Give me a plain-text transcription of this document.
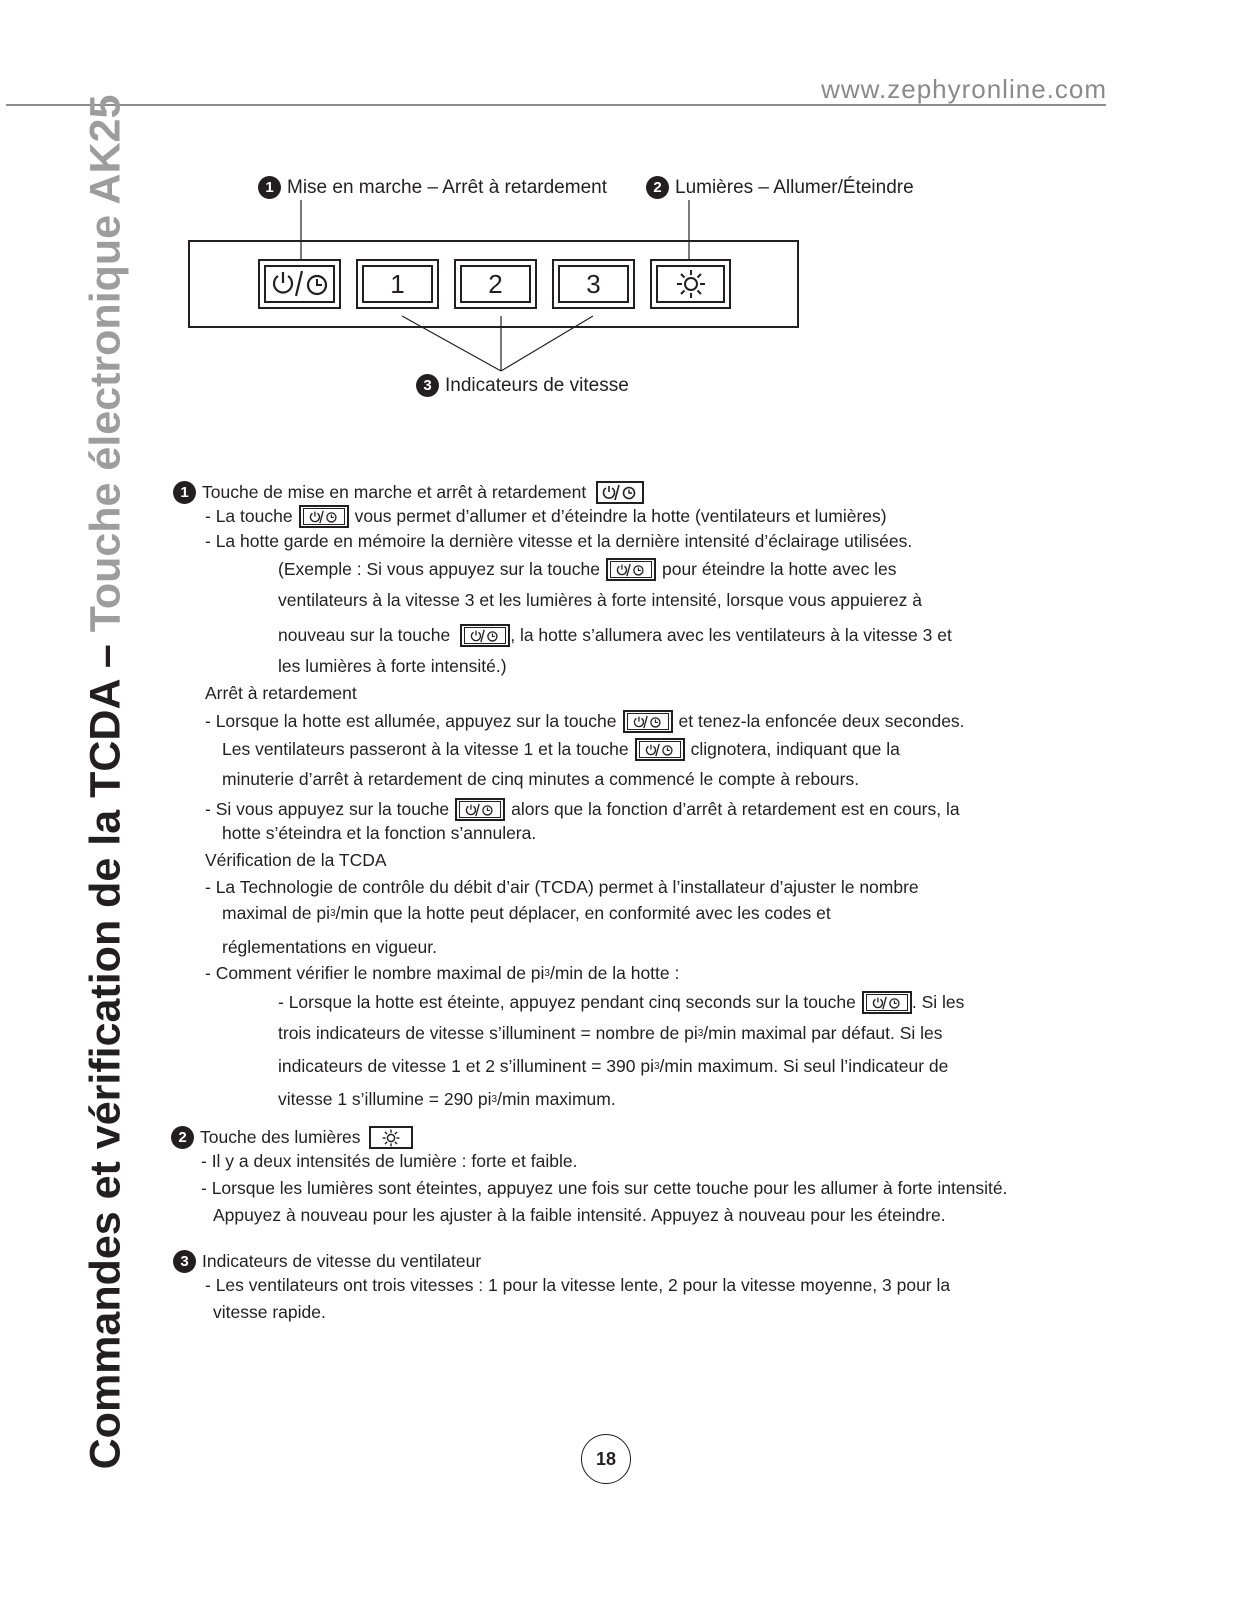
www.zephyronline.com
Commandes et vérification de la TCDA – Touche électronique AK25	1 Mise en marche – Arrêt à retardement	2 Lumières – Allumer/Éteindre
1	2	3
3 Indicateurs de vitesse
1 Touche de mise en marche et arrêt à retardement
- La touche	vous permet d’allumer et d’éteindre la hotte (ventilateurs et lumières)
- La hotte garde en mémoire la dernière vitesse et la dernière intensité d’éclairage utilisées.
(Exemple : Si vous appuyez sur la touche	pour éteindre la hotte avec les
ventilateurs à la vitesse 3 et les lumières à forte intensité, lorsque vous appuierez à
nouveau sur la touche	, la hotte s’allumera avec les ventilateurs à la vitesse 3 et
les lumières à forte intensité.)
Arrêt à retardement
- Lorsque la hotte est allumée, appuyez sur la touche	et tenez-la enfoncée deux secondes.
Les ventilateurs passeront à la vitesse 1 et la touche	clignotera, indiquant que la
minuterie d’arrêt à retardement de cinq minutes a commencé le compte à rebours.
- Si vous appuyez sur la touche	alors que la fonction d’arrêt à retardement est en cours, la
hotte s’éteindra et la fonction s’annulera.
Vérification de la TCDA
- La Technologie de contrôle du débit d’air (TCDA) permet à l’installateur d’ajuster le nombre
maximal de pi 3 /min que la hotte peut déplacer, en conformité avec les codes et
réglementations en vigueur.
- Comment vérifier le nombre maximal de pi 3 /min de la hotte :
- Lorsque la hotte est éteinte, appuyez pendant cinq seconds sur la touche	. Si les
trois indicateurs de vitesse s’illuminent = nombre de pi 3 /min maximal par défaut. Si les
indicateurs de vitesse 1 et 2 s’illuminent = 390 pi 3 /min maximum. Si seul l’indicateur de
vitesse 1 s’illumine = 290 pi 3 /min maximum.
2 Touche des lumières
- Il y a deux intensités de lumière : forte et faible.
- Lorsque les lumières sont éteintes, appuyez une fois sur cette touche pour les allumer à forte intensité.
Appuyez à nouveau pour les ajuster à la faible intensité. Appuyez à nouveau pour les éteindre.
3 Indicateurs de vitesse du ventilateur
- Les ventilateurs ont trois vitesses : 1 pour la vitesse lente, 2 pour la vitesse moyenne, 3 pour la
vitesse rapide.
18
